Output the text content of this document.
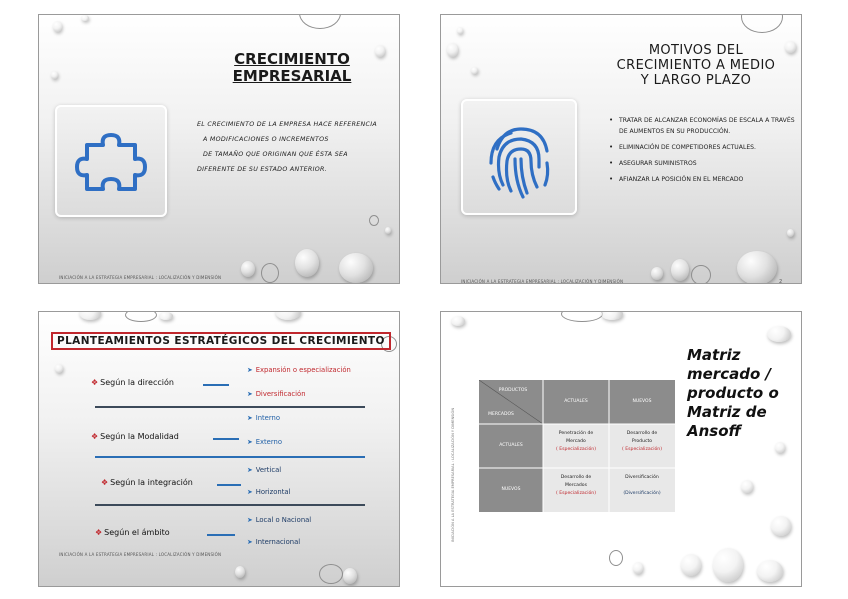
CRECIMIENTO
EMPRESARIAL
EL CRECIMIENTO DE LA EMPRESA HACE REFERENCIA
A MODIFICACIONES O INCREMENTOS
DE TAMAÑO QUE ORIGINAN QUE ÉSTA SEA
DIFERENTE DE SU ESTADO ANTERIOR.
INICIACIÓN A LA ESTRATEGIA EMPRESARIAL : LOCALIZACIÓN Y DIMENSIÓN
MOTIVOS DEL
CRECIMIENTO A MEDIO
Y LARGO PLAZO
• TRATAR DE ALCANZAR ECONOMÍAS DE ESCALA A TRAVÉS DE AUMENTOS EN SU PRODUCCIÓN.
• ELIMINACIÓN DE COMPETIDORES ACTUALES.
• ASEGURAR SUMINISTROS
• AFIANZAR LA POSICIÓN EN EL MERCADO
INICIACIÓN A LA ESTRATEGIA EMPRESARIAL : LOCALIZACIÓN Y DIMENSIÓN	2
PLANTEAMIENTOS ESTRATÉGICOS DEL CRECIMIENTO
❖ Según la dirección
➤ Expansión o especialización
➤ Diversificación
❖ Según la Modalidad
➤ Interno
➤ Externo
❖ Según la integración
➤ Vertical
➤ Horizontal
❖ Según el ámbito
➤ Local o Nacional
➤ Internacional
INICIACIÓN A LA ESTRATEGIA EMPRESARIAL : LOCALIZACIÓN Y DIMENSIÓN
INICIACIÓN A LA ESTRATEGIA EMPRESARIAL : LOCALIZACIÓN Y DIMENSIÓN
PRODUCTOS
MERCADOS
ACTUALES	NUEVOS
ACTUALES
NUEVOS
Penetración de
Mercado
( Especialización)
Desarrollo de
Producto
( Especialización)
Desarrollo de
Mercados
( Especialización)
Diversificación
(Diversificación)
Matriz
mercado /
producto o
Matriz de
Ansoff
